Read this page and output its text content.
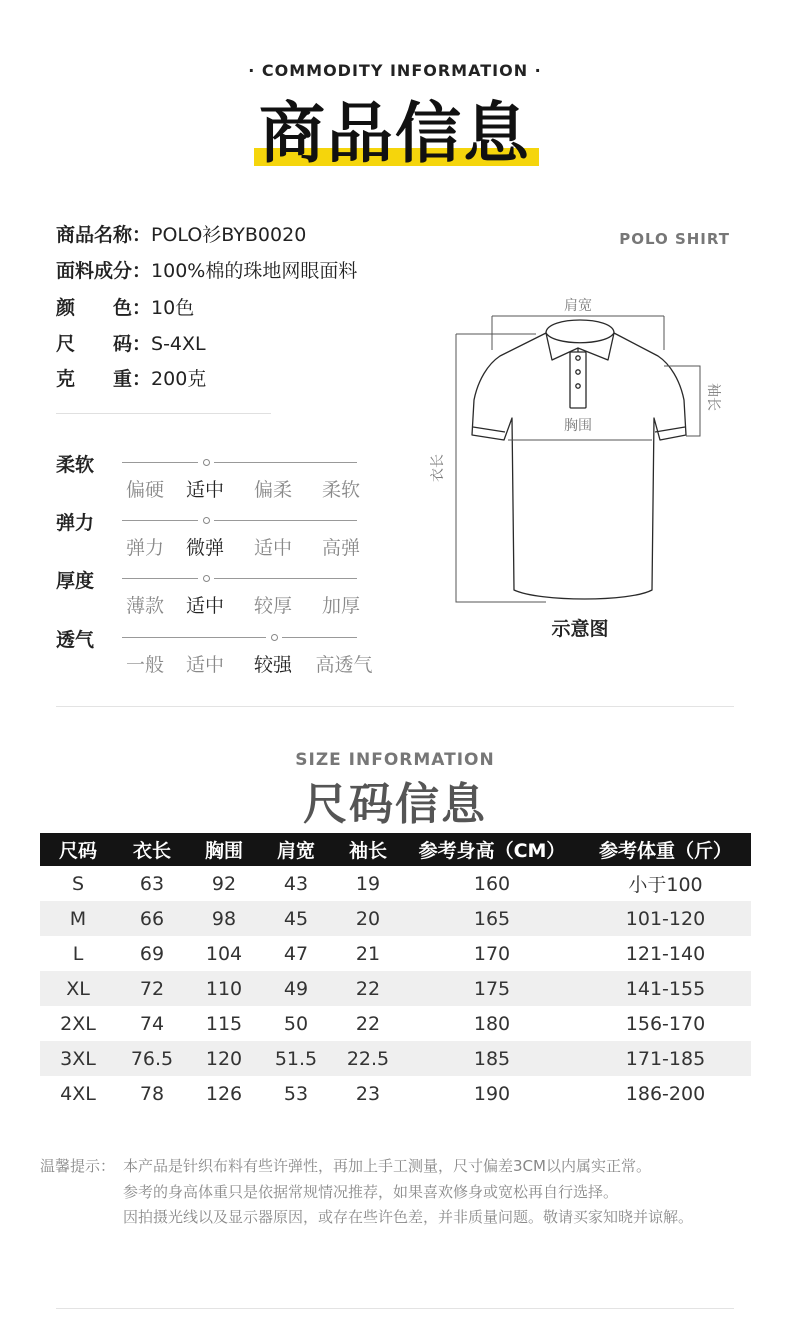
· COMMODITY INFORMATION ·
商品信息
商品名称：POLO衫BYB0020
面料成分：100%棉的珠地网眼面料
颜　　色：10色
尺　　码：S-4XL
克　　重：200克
柔软
偏硬	适中	偏柔	柔软
弹力
弹力	微弹	适中	高弹
厚度
薄款	适中	较厚	加厚
透气
一般	适中	较强	高透气
POLO SHIRT
肩宽
胸围
袖长
衣长
示意图
SIZE INFORMATION
尺码信息
尺码	衣长	胸围	肩宽	袖长	参考身高（CM）	参考体重（斤）
S	63	92	43	19	160	小于100
M	66	98	45	20	165	101-120
L	69	104	47	21	170	121-140
XL	72	110	49	22	175	141-155
2XL	74	115	50	22	180	156-170
3XL	76.5	120	51.5	22.5	185	171-185
4XL	78	126	53	23	190	186-200
温馨提示： 本产品是针织布料有些许弹性，再加上手工测量，尺寸偏差3CM以内属实正常。
参考的身高体重只是依据常规情况推荐，如果喜欢修身或宽松再自行选择。
因拍摄光线以及显示器原因，或存在些许色差，并非质量问题。敬请买家知晓并谅解。
